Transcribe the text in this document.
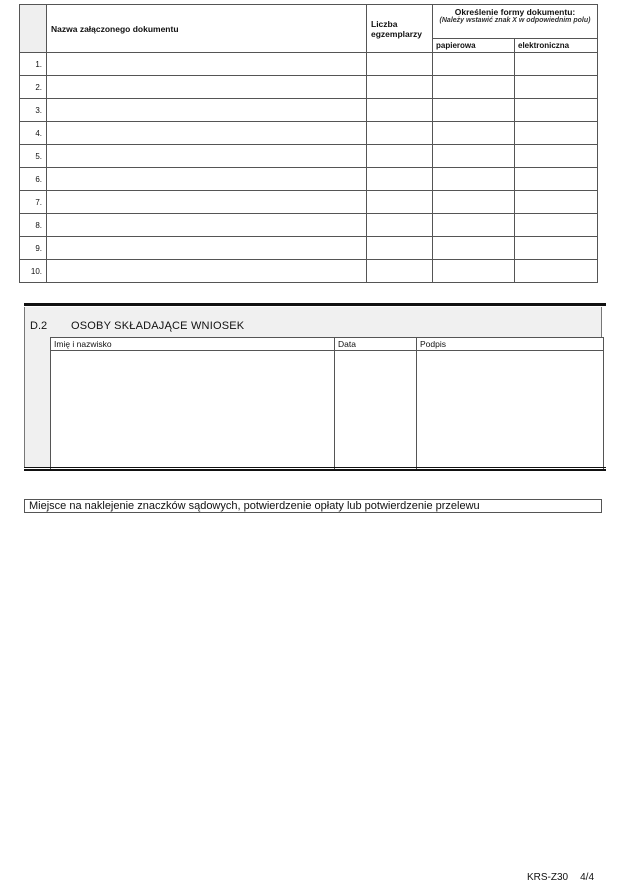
	Nazwa załączonego dokumentu	Liczba egzemplarzy	Określenie formy dokumentu:
(Należy wstawić znak X w odpowiednim polu)	

			papierowa	elektroniczna
1.				
2.				
3.				
4.				
5.				
6.				
7.				
8.				
9.				
10.				
D.2 OSOBY SKŁADAJĄCE WNIOSEK
Imię i nazwisko	Data	Podpis

Miejsce na naklejenie znaczków sądowych, potwierdzenie opłaty lub potwierdzenie przelewu
KRS-Z30 4/4
